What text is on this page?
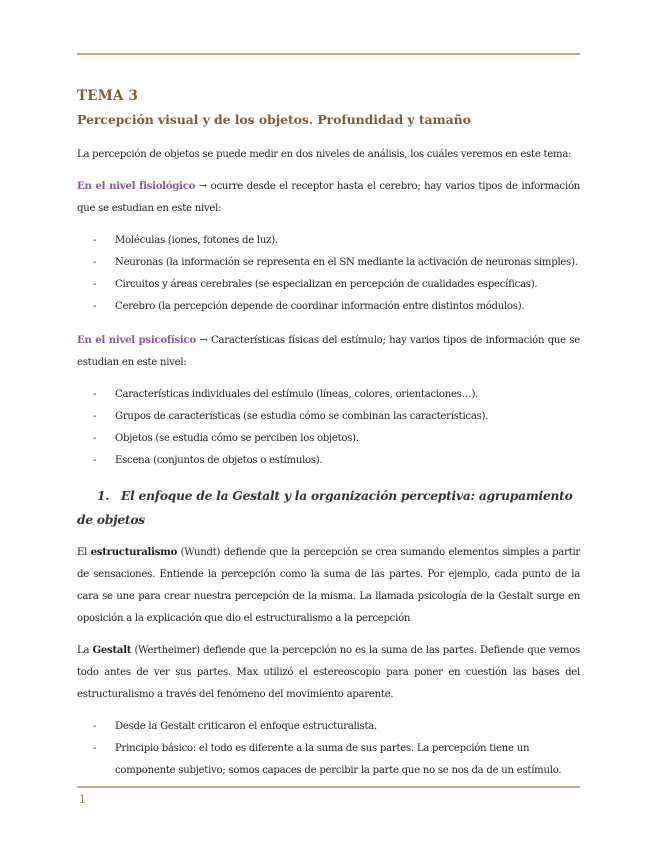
TEMA 3
Percepción visual y de los objetos. Profundidad y tamaño

La percepción de objetos se puede medir en dos niveles de análisis, los cuáles veremos en este tema:

En el nivel fisiológico → ocurre desde el receptor hasta el cerebro; hay varios tipos de información que se estudian en este nivel:

- Moléculas (iones, fotones de luz).
- Neuronas (la información se representa en el SN mediante la activación de neuronas simples).
- Circuitos y áreas cerebrales (se especializan en percepción de cualidades específicas).
- Cerebro (la percepción depende de coordinar información entre distintos módulos).

En el nivel psicofísico → Características físicas del estímulo; hay varios tipos de información que se estudian en este nivel:

- Características individuales del estímulo (líneas, colores, orientaciones…).
- Grupos de características (se estudia cómo se combinan las características).
- Objetos (se estudia cómo se perciben los objetos).
- Escena (conjuntos de objetos o estímulos).
1. El enfoque de la Gestalt y la organización perceptiva: agrupamiento de objetos

El estructuralismo (Wundt) defiende que la percepción se crea sumando elementos simples a partir de sensaciones. Entiende la percepción como la suma de las partes. Por ejemplo, cada punto de la cara se une para crear nuestra percepción de la misma. La llamada psicología de la Gestalt surge en oposición a la explicación que dio el estructuralismo a la percepción

La Gestalt (Wertheimer) defiende que la percepción no es la suma de las partes. Defiende que vemos todo antes de ver sus partes. Max utilizó el estereoscopio para poner en cuestión las bases del estructuralismo a través del fenómeno del movimiento aparente.

- Desde la Gestalt criticaron el enfoque estructuralista.
- Principio básico: el todo es diferente a la suma de sus partes. La percepción tiene un componente subjetivo; somos capaces de percibir la parte que no se nos da de un estímulo.
1
